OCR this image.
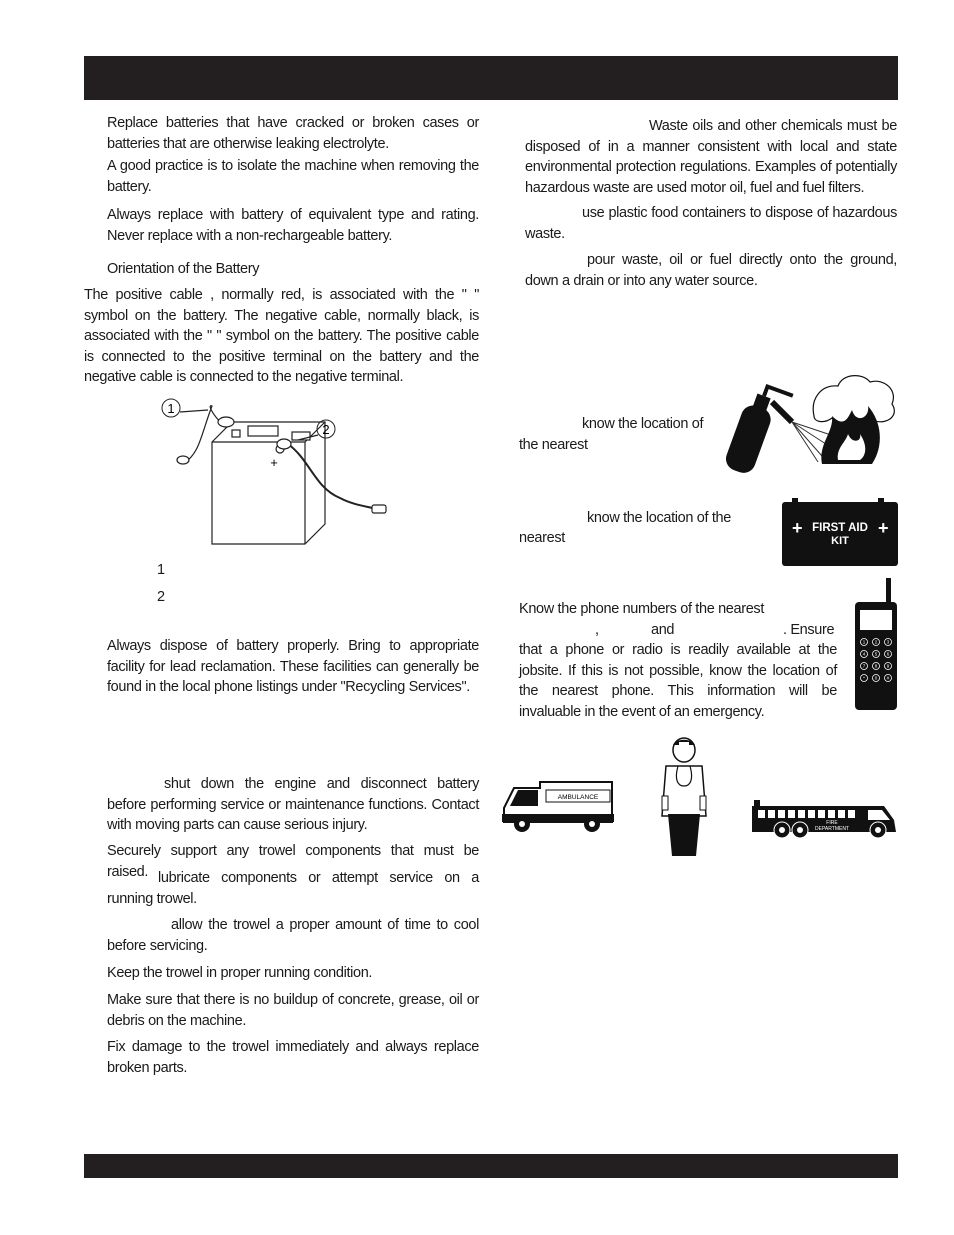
Replace batteries that have cracked or broken cases or batteries that are otherwise leaking electrolyte.

A good practice is to isolate the machine when removing the battery.

Always replace with battery of equivalent type and rating. Never replace with a non-rechargeable battery.

Orientation of the Battery

The positive cable , normally red, is associated with the " " symbol on the battery. The negative cable, normally black, is associated with the " " symbol on the battery. The positive cable is connected to the positive terminal on the battery and the negative cable is connected to the negative terminal.

1
2
+
1
2

Always dispose of battery properly. Bring to appropriate facility for lead reclamation. These facilities can generally be found in the local phone listings under "Recycling Services".

shut down the engine and disconnect battery before performing service or maintenance functions. Contact with moving parts can cause serious injury.

Securely support any trowel components that must be raised. lubricate components or attempt service on a running trowel.

allow the trowel a proper amount of time to cool before servicing.

Keep the trowel in proper running condition.

Make sure that there is no buildup of concrete, grease, oil or debris on the machine.

Fix damage to the trowel immediately and always replace broken parts.

Waste oils and other chemicals must be disposed of in a manner consistent with local and state environmental protection regulations. Examples of potentially hazardous waste are used motor oil, fuel and fuel filters.

use plastic food containers to dispose of hazardous waste.

pour waste, oil or fuel directly onto the ground, down a drain or into any water source.

know the location of
the nearest
know the location of the
nearest	+	+
FIRST AID
KIT
Know the phone numbers of the nearest
,	and	. Ensure

that a phone or radio is readily available at the jobsite. If this is not possible, know the location of the nearest phone. This information will be invaluable in the event of an emergency.

1 2 3
4 5 6
7 8 9
* 0 #
AMBULANCE
FIRE
DEPARTMENT
